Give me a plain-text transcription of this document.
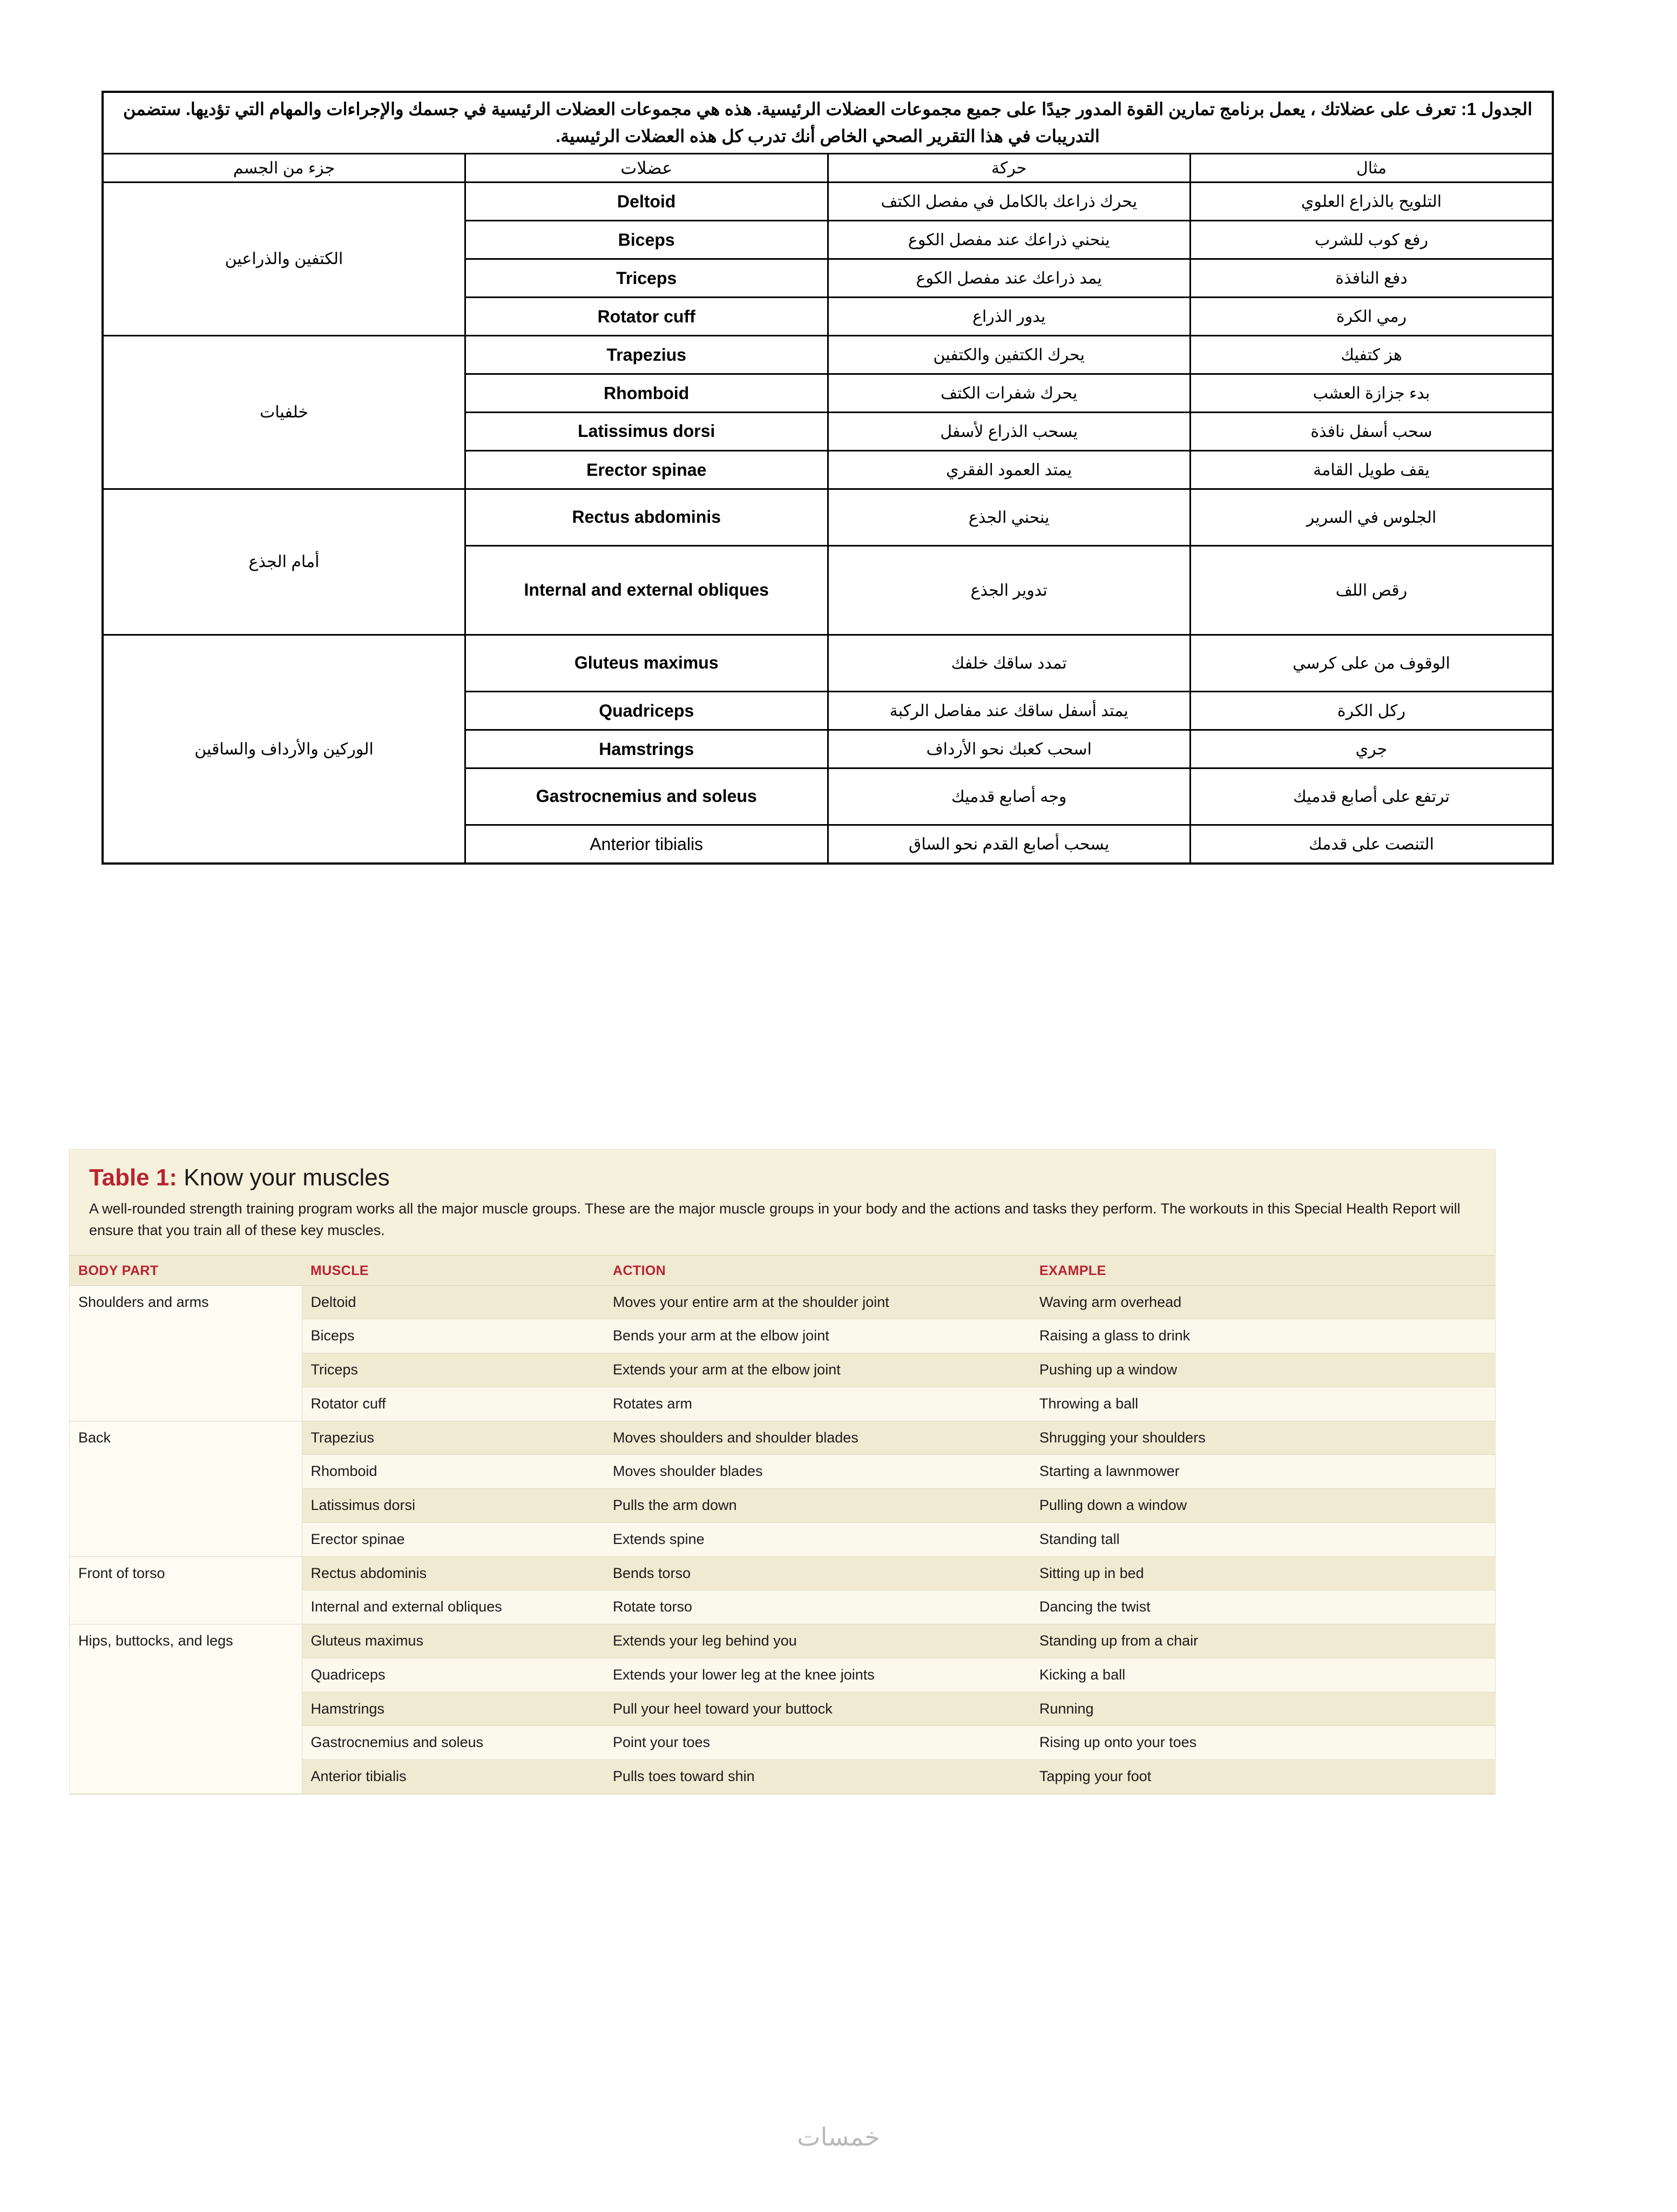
الجدول 1: تعرف على عضلاتك ، يعمل برنامج تمارين القوة المدور جيدًا على جميع مجموعات العضلات الرئيسية. هذه هي مجموعات العضلات الرئيسية في جسمك والإجراءات والمهام التي تؤديها. ستضمن التدريبات في هذا التقرير الصحي الخاص أنك تدرب كل هذه العضلات الرئيسية.			
مثال	حركة	عضلات	جزء من الجسم
التلويح بالذراع العلوي	يحرك ذراعك بالكامل في مفصل الكتف	Deltoid	الكتفين والذراعين
رفع كوب للشرب	ينحني ذراعك عند مفصل الكوع	Biceps	
دفع النافذة	يمد ذراعك عند مفصل الكوع	Triceps	
رمي الكرة	يدور الذراع	Rotator cuff	
هز كتفيك	يحرك الكتفين والكتفين	Trapezius	خلفيات
بدء جزازة العشب	يحرك شفرات الكتف	Rhomboid	
سحب أسفل نافذة	يسحب الذراع لأسفل	Latissimus dorsi	
يقف طويل القامة	يمتد العمود الفقري	Erector spinae	
الجلوس في السرير	ينحني الجذع	Rectus abdominis	أمام الجذع
رقص اللف	تدوير الجذع	Internal and external obliques	
الوقوف من على كرسي	تمدد ساقك خلفك	Gluteus maximus	الوركين والأرداف والساقين
ركل الكرة	يمتد أسفل ساقك عند مفاصل الركبة	Quadriceps	
جري	اسحب كعبك نحو الأرداف	Hamstrings	
ترتفع على أصابع قدميك	وجه أصابع قدميك	Gastrocnemius and soleus	
التنصت على قدمك	يسحب أصابع القدم نحو الساق	Anterior tibialis	
Table 1: Know your muscles

A well-rounded strength training program works all the major muscle groups. These are the major muscle groups in your body and the actions and tasks they perform. The workouts in this Special Health Report will ensure that you train all of these key muscles.

BODY PART	MUSCLE	ACTION	EXAMPLE
Shoulders and arms	Deltoid	Moves your entire arm at the shoulder joint	Waving arm overhead
	Biceps	Bends your arm at the elbow joint	Raising a glass to drink
	Triceps	Extends your arm at the elbow joint	Pushing up a window
	Rotator cuff	Rotates arm	Throwing a ball
Back	Trapezius	Moves shoulders and shoulder blades	Shrugging your shoulders
	Rhomboid	Moves shoulder blades	Starting a lawnmower
	Latissimus dorsi	Pulls the arm down	Pulling down a window
	Erector spinae	Extends spine	Standing tall
Front of torso	Rectus abdominis	Bends torso	Sitting up in bed
	Internal and external obliques	Rotate torso	Dancing the twist
Hips, buttocks, and legs	Gluteus maximus	Extends your leg behind you	Standing up from a chair
	Quadriceps	Extends your lower leg at the knee joints	Kicking a ball
	Hamstrings	Pull your heel toward your buttock	Running
	Gastrocnemius and soleus	Point your toes	Rising up onto your toes
	Anterior tibialis	Pulls toes toward shin	Tapping your foot
خمسات
